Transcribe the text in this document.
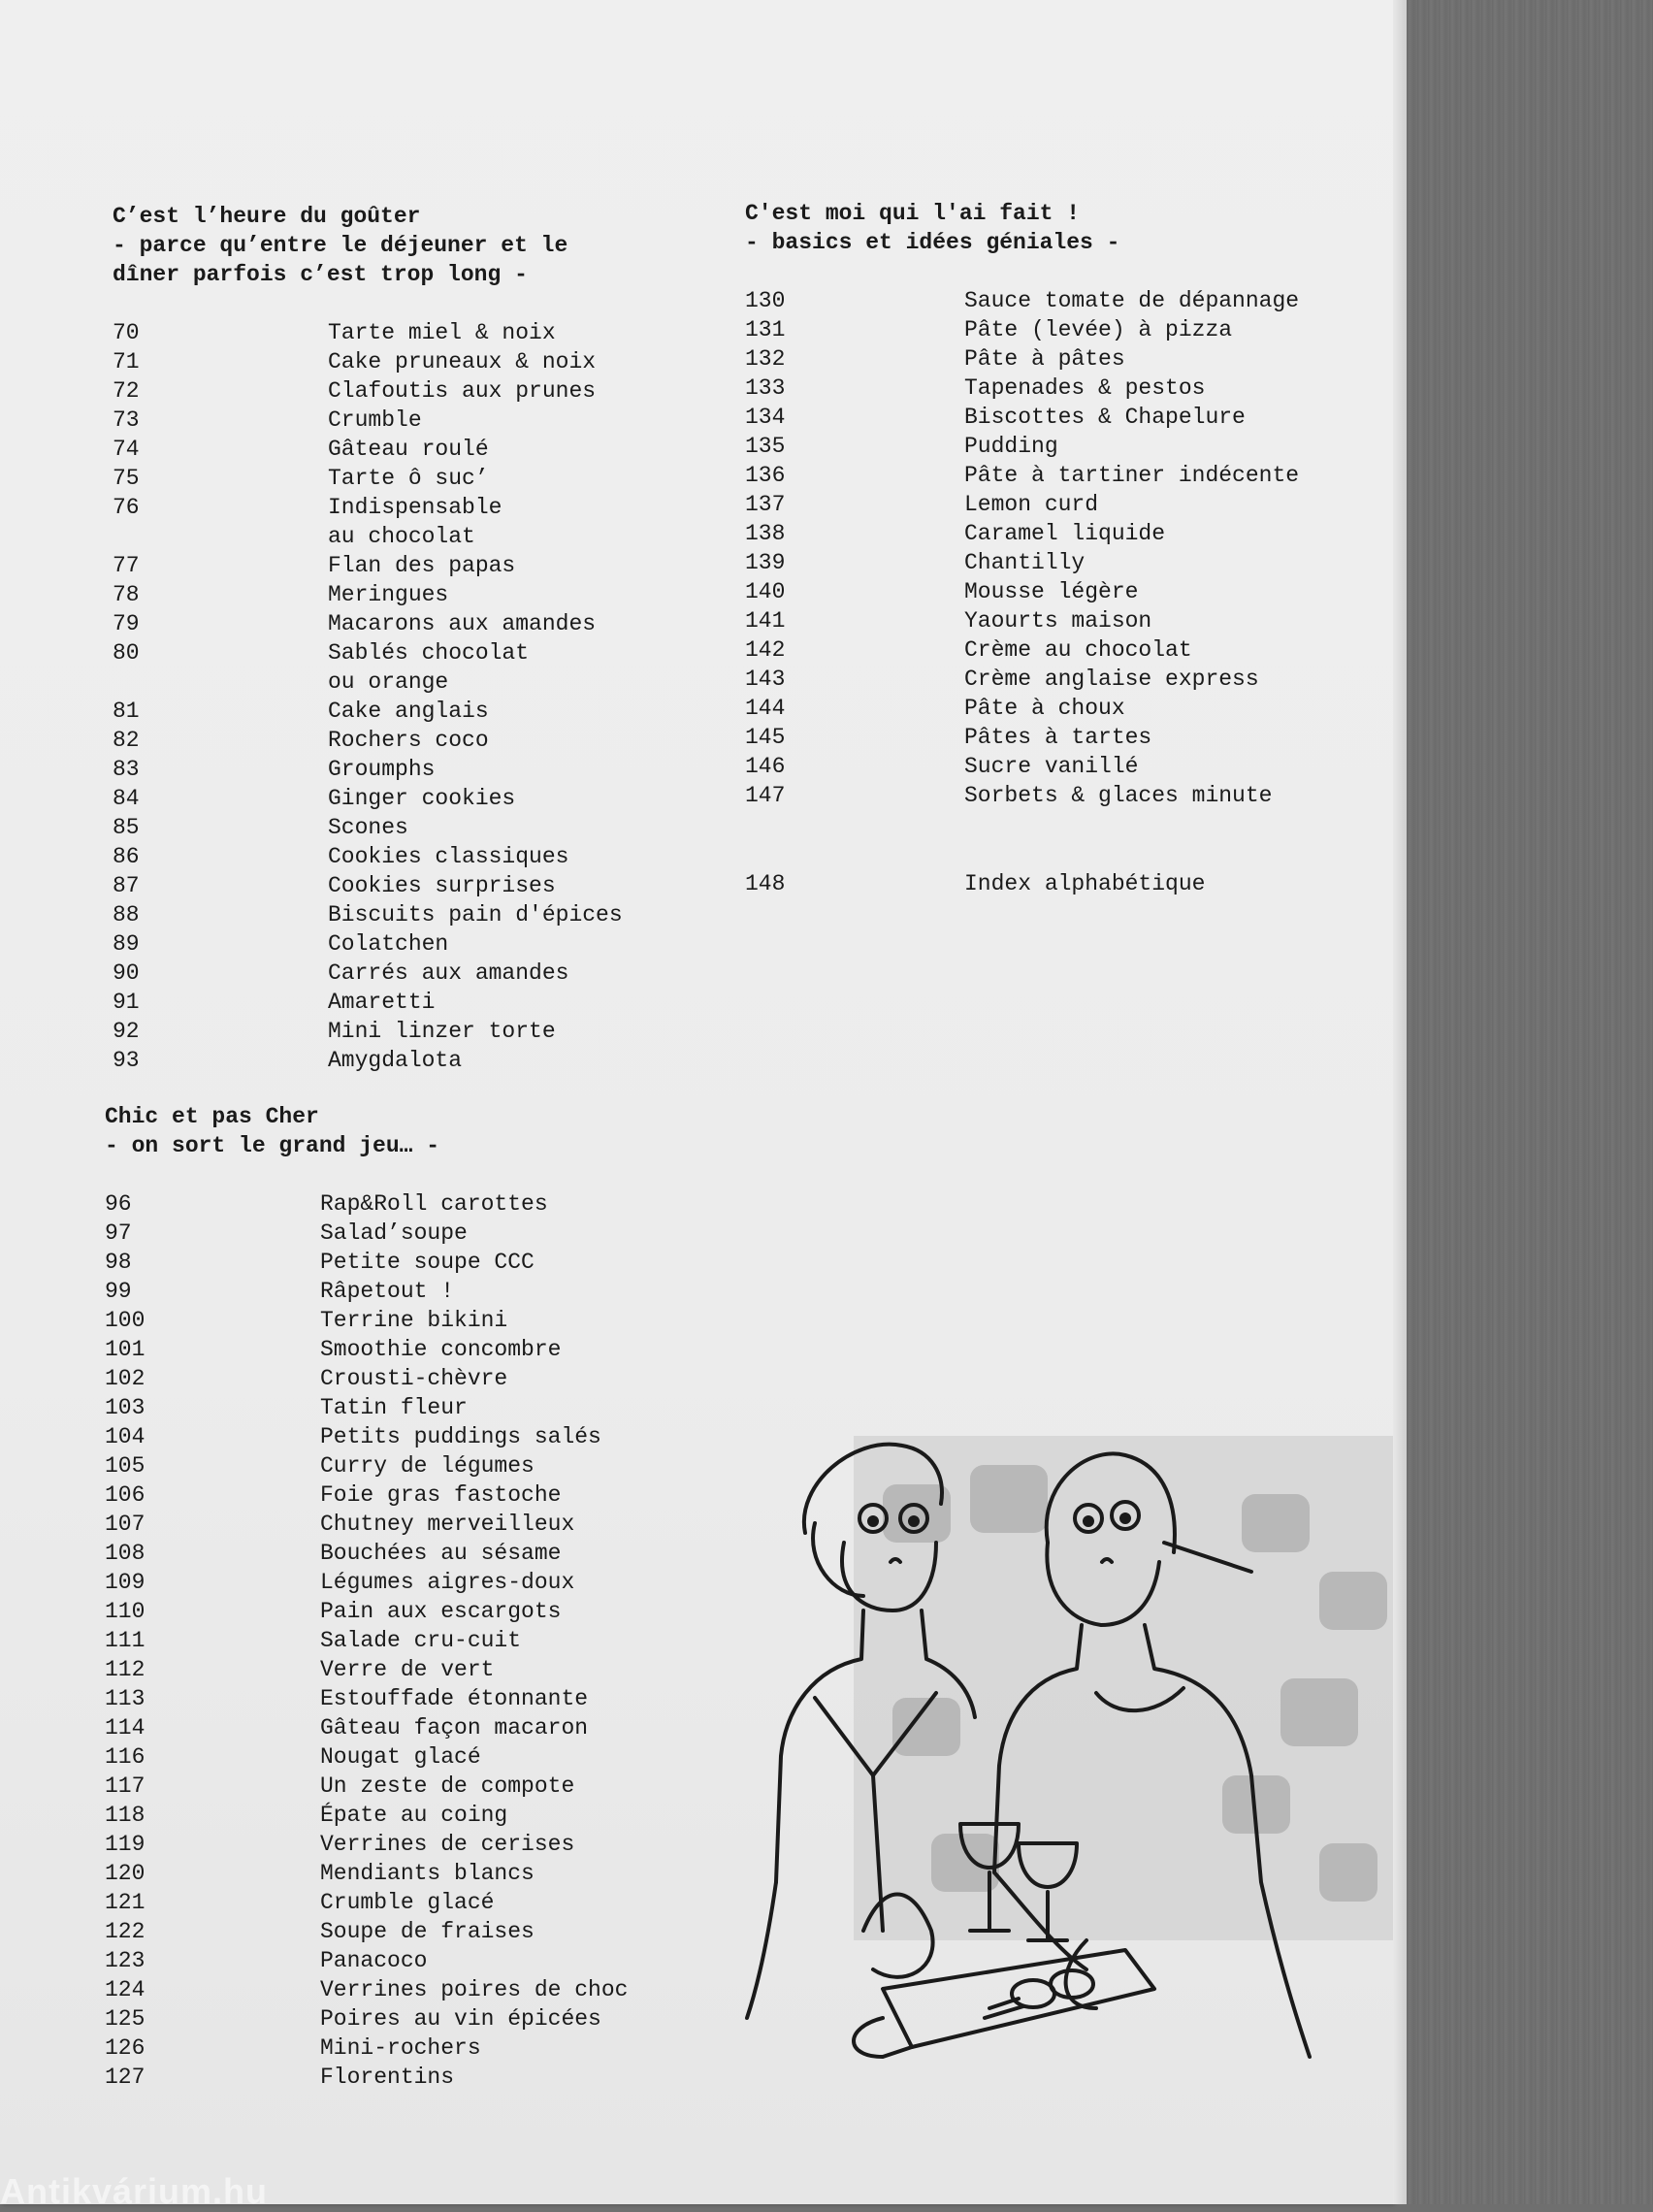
C’est l’heure du goûter
- parce qu’entre le déjeuner et le
dîner parfois c’est trop long -
70	Tarte miel & noix
71	Cake pruneaux & noix
72	Clafoutis aux prunes
73	Crumble
74	Gâteau roulé
75	Tarte ô suc’
76	Indispensable
au chocolat
77	Flan des papas
78	Meringues
79	Macarons aux amandes
80	Sablés chocolat
ou orange
81	Cake anglais
82	Rochers coco
83	Groumphs
84	Ginger cookies
85	Scones
86	Cookies classiques
87	Cookies surprises
88	Biscuits pain d'épices
89	Colatchen
90	Carrés aux amandes
91	Amaretti
92	Mini linzer torte
93	Amygdalota
Chic et pas Cher
- on sort le grand jeu… -
96	Rap&Roll carottes
97	Salad’soupe
98	Petite soupe CCC
99	Râpetout !
100	Terrine bikini
101	Smoothie concombre
102	Crousti-chèvre
103	Tatin fleur
104	Petits puddings salés
105	Curry de légumes
106	Foie gras fastoche
107	Chutney merveilleux
108	Bouchées au sésame
109	Légumes aigres-doux
110	Pain aux escargots
111	Salade cru-cuit
112	Verre de vert
113	Estouffade étonnante
114	Gâteau façon macaron
116	Nougat glacé
117	Un zeste de compote
118	Épate au coing
119	Verrines de cerises
120	Mendiants blancs
121	Crumble glacé
122	Soupe de fraises
123	Panacoco
124	Verrines poires de choc
125	Poires au vin épicées
126	Mini-rochers
127	Florentins
C'est moi qui l'ai fait !
- basics et idées géniales -
130	Sauce tomate de dépannage
131	Pâte (levée) à pizza
132	Pâte à pâtes
133	Tapenades & pestos
134	Biscottes & Chapelure
135	Pudding
136	Pâte à tartiner indécente
137	Lemon curd
138	Caramel liquide
139	Chantilly
140	Mousse légère
141	Yaourts maison
142	Crème au chocolat
143	Crème anglaise express
144	Pâte à choux
145	Pâtes à tartes
146	Sucre vanillé
147	Sorbets & glaces minute
148	Index alphabétique
Antikvárium.hu
